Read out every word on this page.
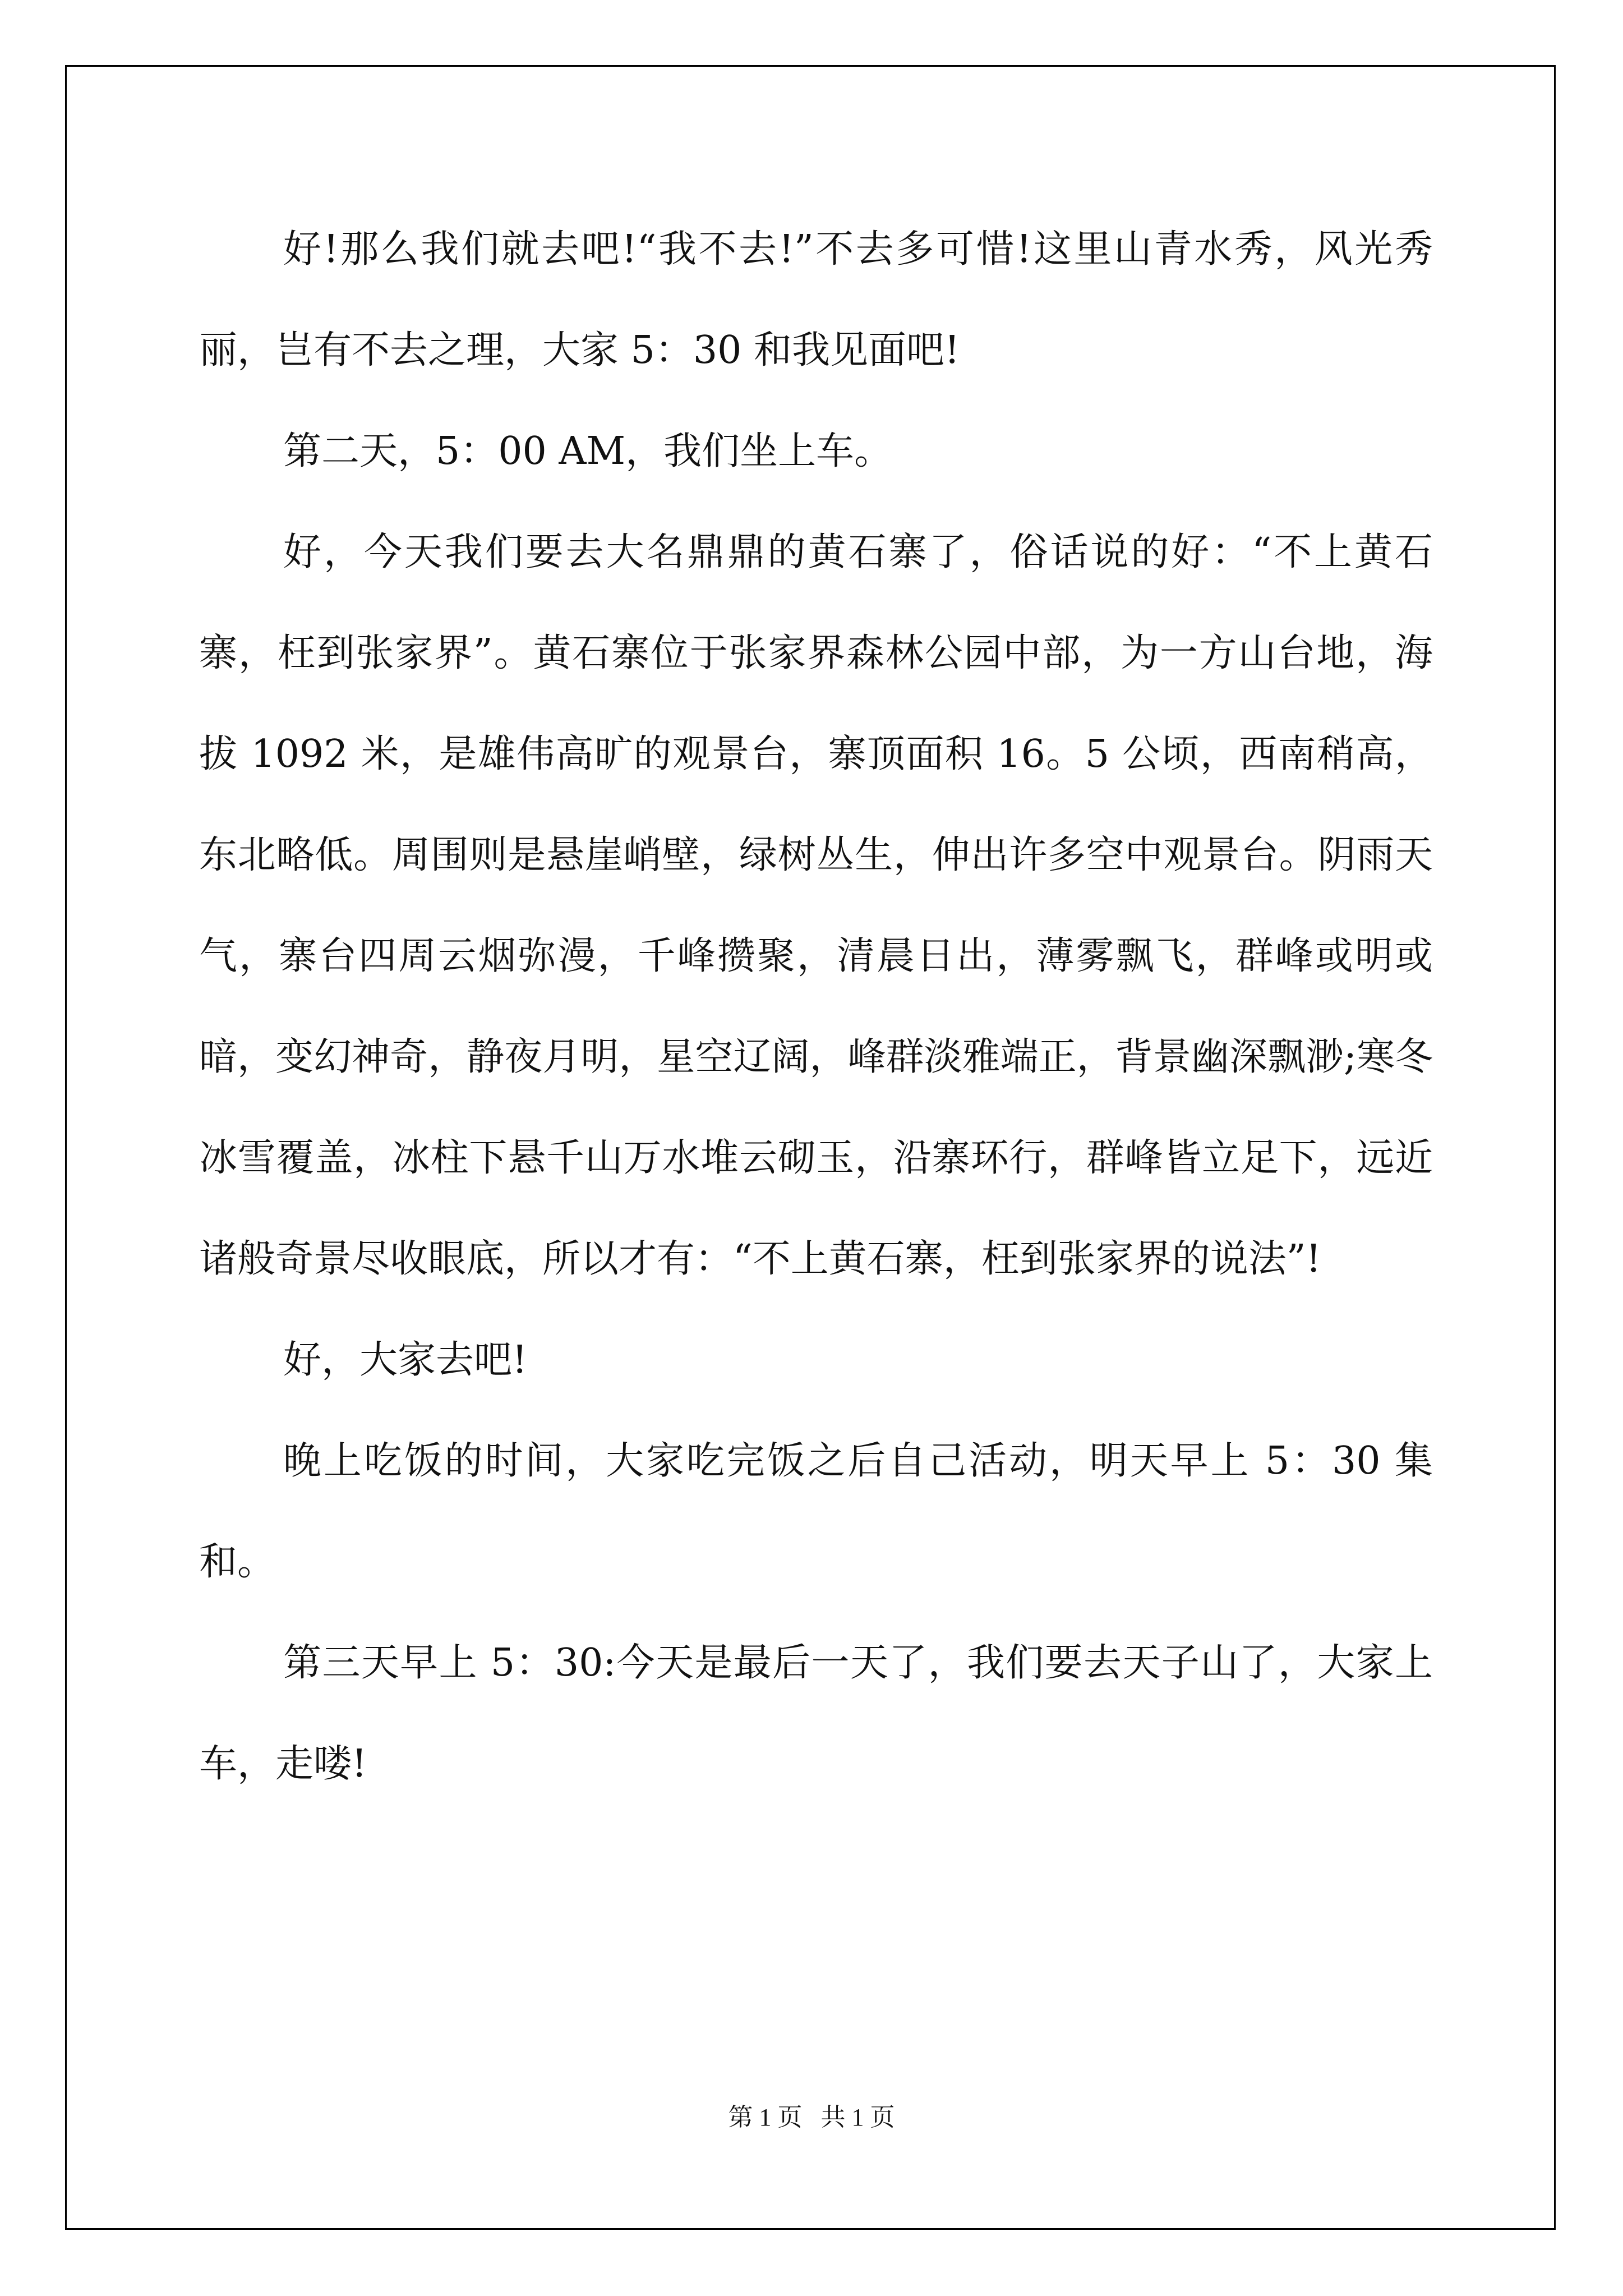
好!那么我们就去吧!“我不去!”不去多可惜!这里山青水秀，风光秀丽，岂有不去之理，大家 5：30 和我见面吧!

第二天，5：00 AM，我们坐上车。

好，今天我们要去大名鼎鼎的黄石寨了，俗话说的好：“不上黄石寨，枉到张家界”。黄石寨位于张家界森林公园中部，为一方山台地，海拔 1092 米，是雄伟高旷的观景台，寨顶面积 16。5 公顷，西南稍高，东北略低。周围则是悬崖峭壁，绿树丛生，伸出许多空中观景台。阴雨天气，寨台四周云烟弥漫，千峰攒聚，清晨日出，薄雾飘飞，群峰或明或暗，变幻神奇，静夜月明，星空辽阔，峰群淡雅端正，背景幽深飘渺;寒冬冰雪覆盖，冰柱下悬千山万水堆云砌玉，沿寨环行，群峰皆立足下，远近诸般奇景尽收眼底，所以才有：“不上黄石寨，枉到张家界的说法”!

好，大家去吧!

晚上吃饭的时间，大家吃完饭之后自己活动，明天早上 5：30 集和。

第三天早上 5：30:今天是最后一天了，我们要去天子山了，大家上车，走喽!

第 1 页 共 1 页
